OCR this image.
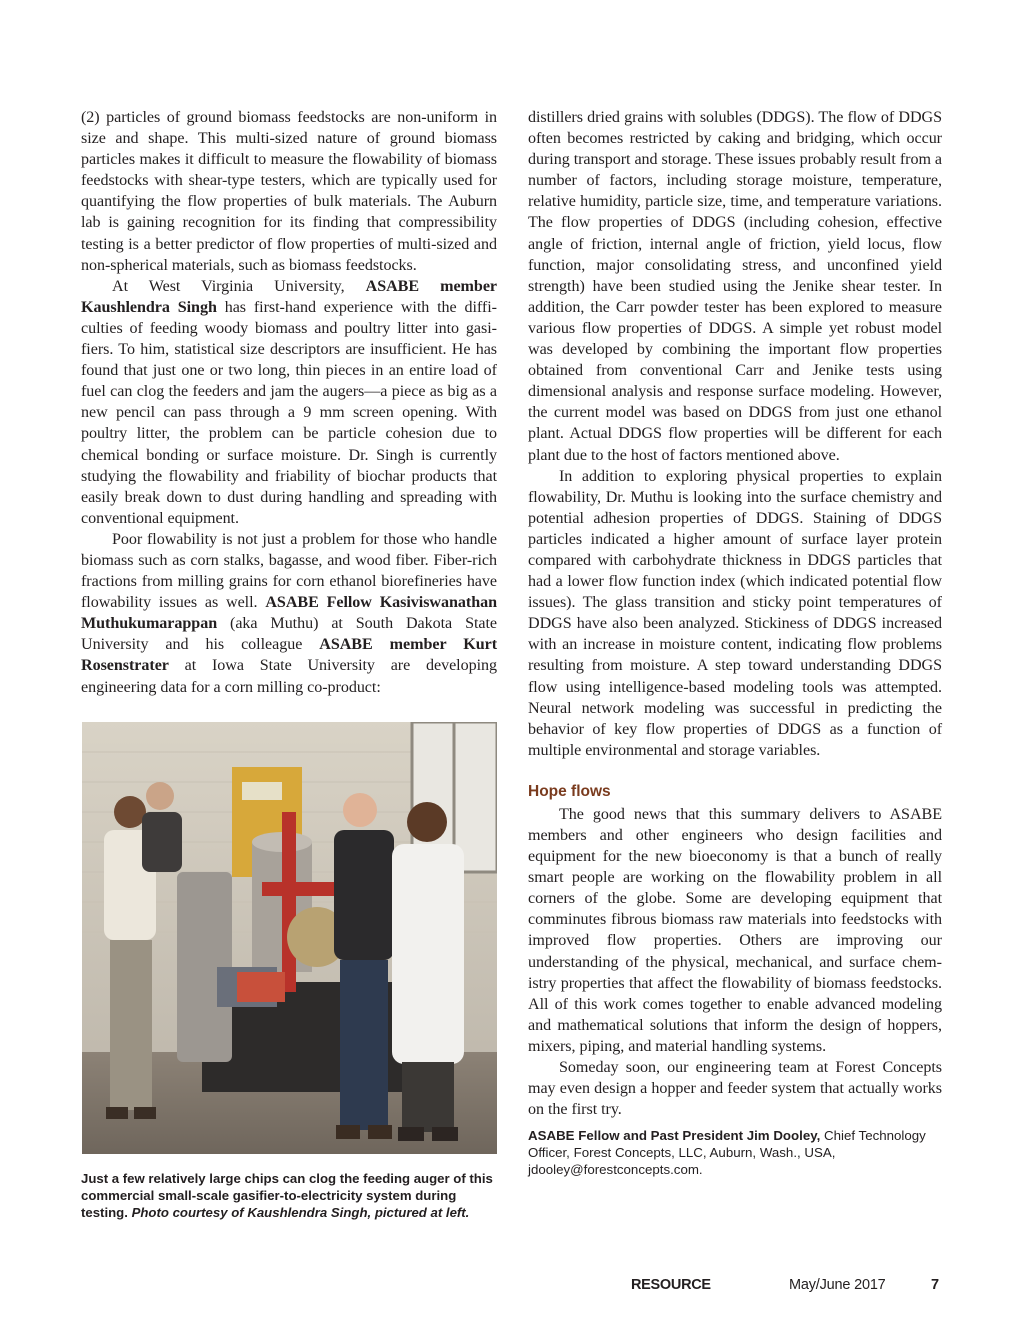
(2) particles of ground biomass feedstocks are non-uniform in size and shape. This multi-sized nature of ground biomass particles makes it difficult to measure the flowability of biomass feedstocks with shear-type testers, which are typically used for quantifying the flow properties of bulk materials. The Auburn lab is gaining recognition for its finding that compressibility testing is a better predictor of flow properties of multi-sized and non-spherical materials, such as biomass feedstocks.

At West Virginia University, ASABE member Kaushlendra Singh has first-hand experience with the difficulties of feeding woody biomass and poultry litter into gasifiers. To him, statistical size descriptors are insufficient. He has found that just one or two long, thin pieces in an entire load of fuel can clog the feeders and jam the augers—a piece as big as a new pencil can pass through a 9 mm screen opening. With poultry litter, the problem can be particle cohesion due to chemical bonding or surface moisture. Dr. Singh is currently studying the flowability and friability of biochar products that easily break down to dust during handling and spreading with conventional equipment.

Poor flowability is not just a problem for those who handle biomass such as corn stalks, bagasse, and wood fiber. Fiber-rich fractions from milling grains for corn ethanol biorefineries have flowability issues as well. ASABE Fellow Kasiviswanathan Muthukumarappan (aka Muthu) at South Dakota State University and his colleague ASABE member Kurt Rosenstrater at Iowa State University are developing engineering data for a corn milling co-product:

Just a few relatively large chips can clog the feeding auger of this commercial small-scale gasifier-to-electricity system during testing. Photo courtesy of Kaushlendra Singh, pictured at left.

distillers dried grains with solubles (DDGS). The flow of DDGS often becomes restricted by caking and bridging, which occur during transport and storage. These issues probably result from a number of factors, including storage moisture, temperature, relative humidity, particle size, time, and temperature variations. The flow properties of DDGS (including cohesion, effective angle of friction, internal angle of friction, yield locus, flow function, major consolidating stress, and unconfined yield strength) have been studied using the Jenike shear tester. In addition, the Carr powder tester has been explored to measure various flow properties of DDGS. A simple yet robust model was developed by combining the important flow properties obtained from conventional Carr and Jenike tests using dimensional analysis and response surface modeling. However, the current model was based on DDGS from just one ethanol plant. Actual DDGS flow properties will be different for each plant due to the host of factors mentioned above.

In addition to exploring physical properties to explain flowability, Dr. Muthu is looking into the surface chemistry and potential adhesion properties of DDGS. Staining of DDGS particles indicated a higher amount of surface layer protein compared with carbohydrate thickness in DDGS particles that had a lower flow function index (which indicated potential flow issues). The glass transition and sticky point temperatures of DDGS have also been analyzed. Stickiness of DDGS increased with an increase in moisture content, indicating flow problems resulting from moisture. A step toward understanding DDGS flow using intelligence-based modeling tools was attempted. Neural network modeling was successful in predicting the behavior of key flow properties of DDGS as a function of multiple environmental and storage variables.

Hope flows

The good news that this summary delivers to ASABE members and other engineers who design facilities and equipment for the new bioeconomy is that a bunch of really smart people are working on the flowability problem in all corners of the globe. Some are developing equipment that comminutes fibrous biomass raw materials into feedstocks with improved flow properties. Others are improving our understanding of the physical, mechanical, and surface chemistry properties that affect the flowability of biomass feedstocks. All of this work comes together to enable advanced modeling and mathematical solutions that inform the design of hoppers, mixers, piping, and material handling systems.

Someday soon, our engineering team at Forest Concepts may even design a hopper and feeder system that actually works on the first try.

ASABE Fellow and Past President Jim Dooley, Chief Technology Officer, Forest Concepts, LLC, Auburn, Wash., USA, jdooley@forestconcepts.com.
RESOURCE	May/June 2017	7
